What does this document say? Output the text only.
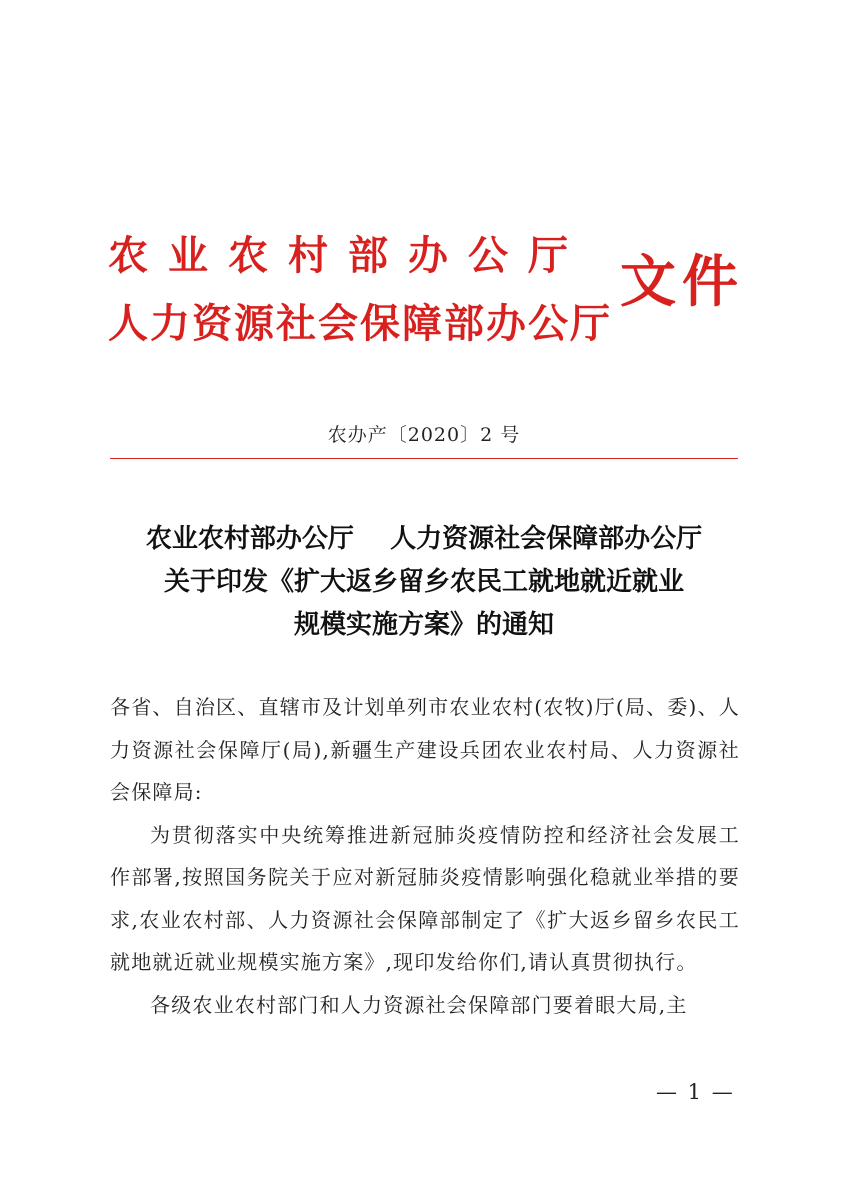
农业农村部办公厅
人力资源社会保障部办公厅
文件
农办产〔2020〕2 号
农业农村部办公厅    人力资源社会保障部办公厅
关于印发《扩大返乡留乡农民工就地就近就业
规模实施方案》的通知

各省、自治区、直辖市及计划单列市农业农村(农牧)厅(局、委)、人力资源社会保障厅(局),新疆生产建设兵团农业农村局、人力资源社会保障局:

为贯彻落实中央统筹推进新冠肺炎疫情防控和经济社会发展工作部署,按照国务院关于应对新冠肺炎疫情影响强化稳就业举措的要求,农业农村部、人力资源社会保障部制定了《扩大返乡留乡农民工就地就近就业规模实施方案》,现印发给你们,请认真贯彻执行。

各级农业农村部门和人力资源社会保障部门要着眼大局,主

— 1 —
